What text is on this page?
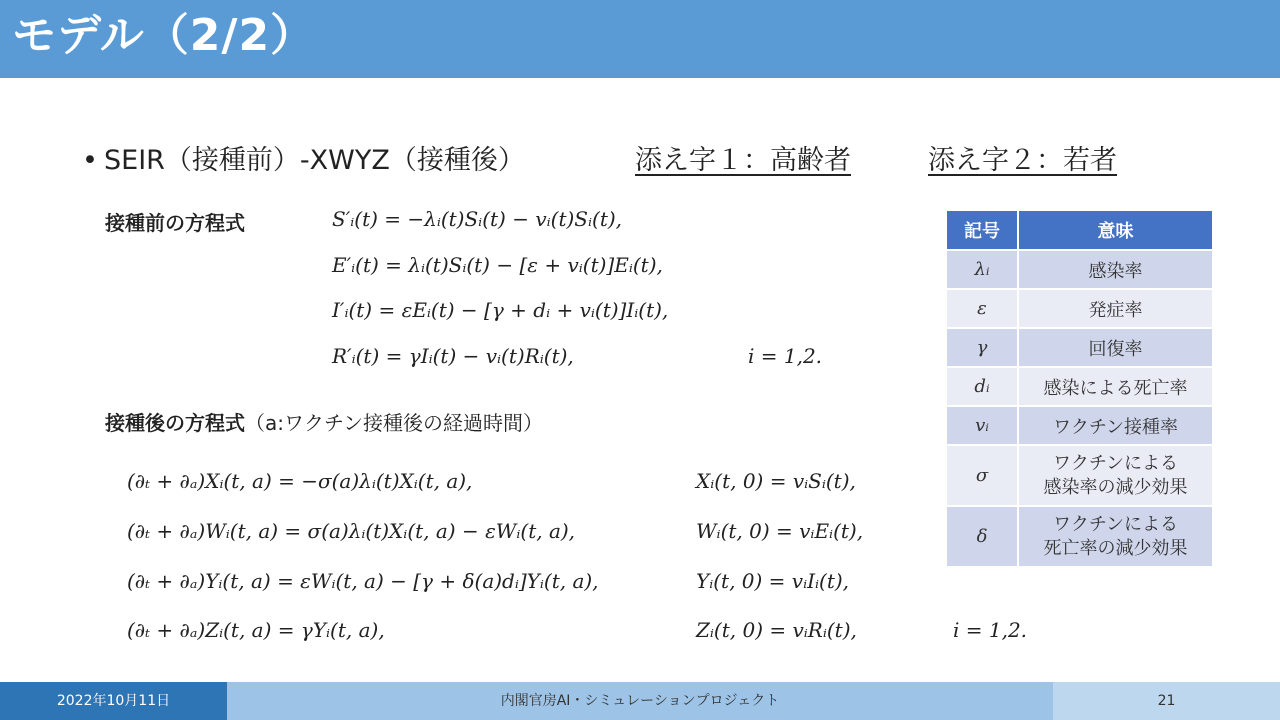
モデル（2/2）
• SEIR（接種前）-XWYZ（接種後）	添え字１：高齢者	添え字２：若者
接種前の方程式	S′ᵢ(t) = −λᵢ(t)Sᵢ(t) − vᵢ(t)Sᵢ(t),
E′ᵢ(t) = λᵢ(t)Sᵢ(t) − [ε + vᵢ(t)]Eᵢ(t),
I′ᵢ(t) = εEᵢ(t) − [γ + dᵢ + vᵢ(t)]Iᵢ(t),
R′ᵢ(t) = γIᵢ(t) − vᵢ(t)Rᵢ(t),	i = 1,2.
接種後の方程式（a:ワクチン接種後の経過時間）
(∂ₜ + ∂ₐ)Xᵢ(t, a) = −σ(a)λᵢ(t)Xᵢ(t, a),	Xᵢ(t, 0) = vᵢSᵢ(t),
(∂ₜ + ∂ₐ)Wᵢ(t, a) = σ(a)λᵢ(t)Xᵢ(t, a) − εWᵢ(t, a),	Wᵢ(t, 0) = vᵢEᵢ(t),
(∂ₜ + ∂ₐ)Yᵢ(t, a) = εWᵢ(t, a) − [γ + δ(a)dᵢ]Yᵢ(t, a),	Yᵢ(t, 0) = vᵢIᵢ(t),
(∂ₜ + ∂ₐ)Zᵢ(t, a) = γYᵢ(t, a),	Zᵢ(t, 0) = vᵢRᵢ(t),	i = 1,2.
記号	意味
λᵢ	感染率
ε	発症率
γ	回復率
dᵢ	感染による死亡率
vᵢ	ワクチン接種率
σ	ワクチンによる
感染率の減少効果
δ	ワクチンによる
死亡率の減少効果
2022年10月11日	内閣官房AI・シミュレーションプロジェクト	21
